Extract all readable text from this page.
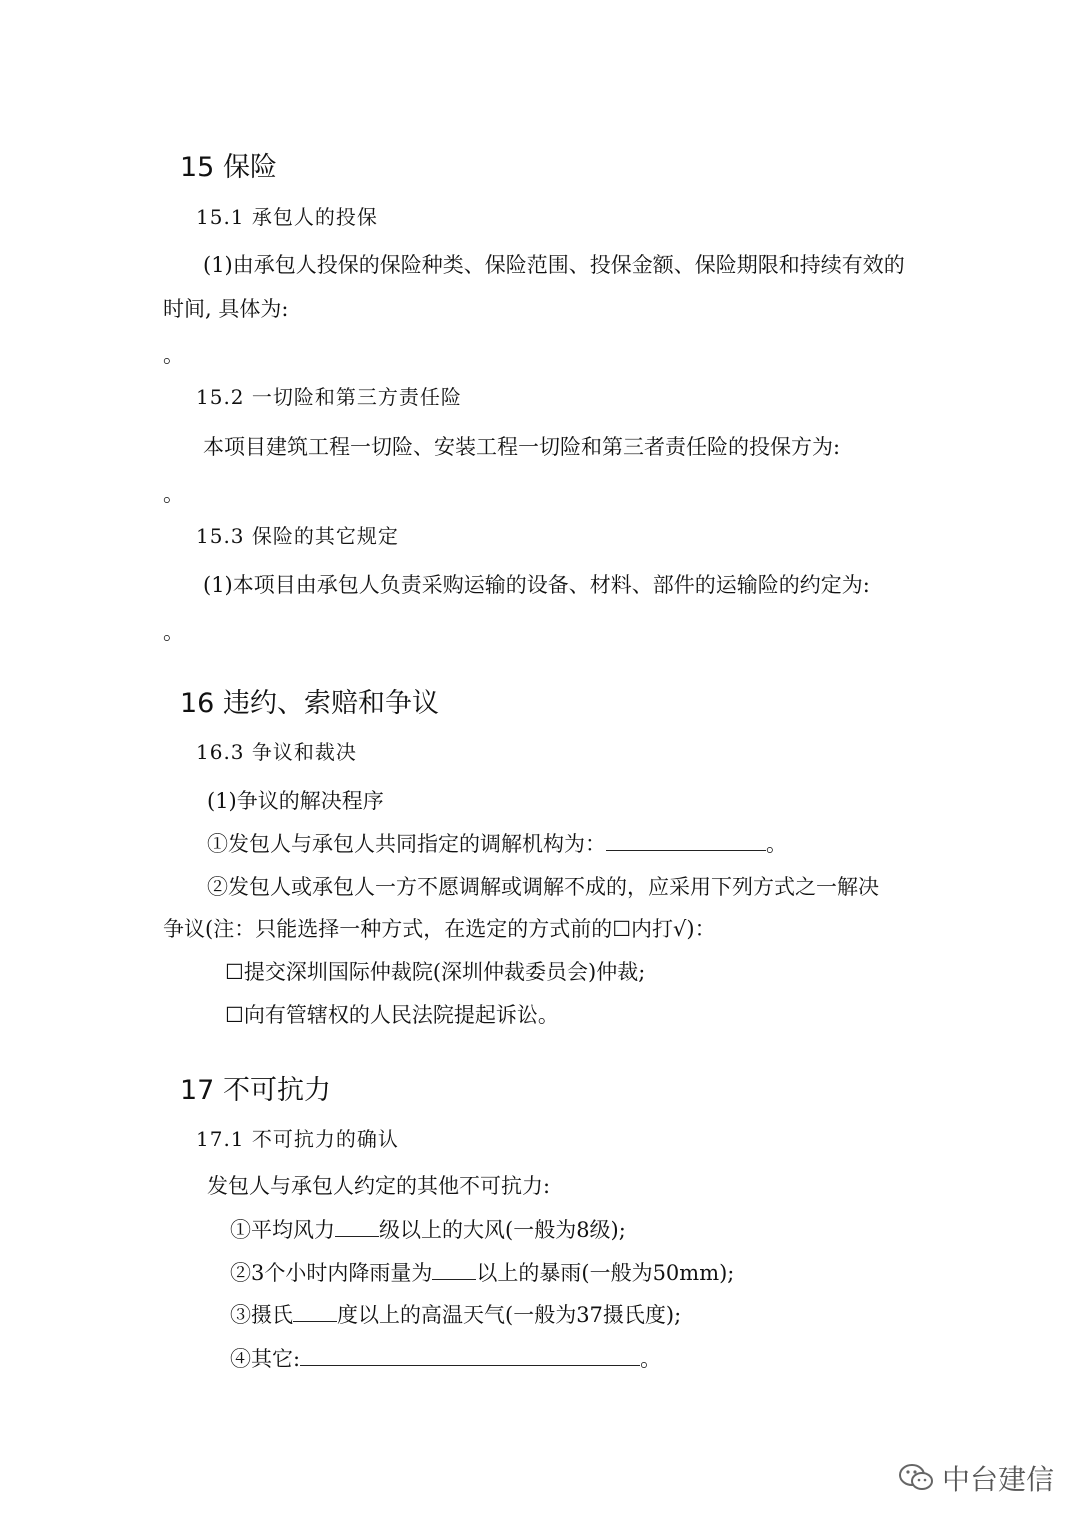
15 保险
15.1 承包人的投保
(1)由承包人投保的保险种类、保险范围、投保金额、保险期限和持续有效的
时间, 具体为:
。
15.2 一切险和第三方责任险
本项目建筑工程一切险、安装工程一切险和第三者责任险的投保方为:
。
15.3 保险的其它规定
(1)本项目由承包人负责采购运输的设备、材料、部件的运输险的约定为:
。
16 违约、索赔和争议
16.3 争议和裁决
(1)争议的解决程序
①发包人与承包人共同指定的调解机构为：	。
②发包人或承包人一方不愿调解或调解不成的，应采用下列方式之一解决
争议(注：只能选择一种方式，在选定的方式前的☐内打√)：
☐提交深圳国际仲裁院(深圳仲裁委员会)仲裁;
☐向有管辖权的人民法院提起诉讼。
17 不可抗力
17.1 不可抗力的确认
发包人与承包人约定的其他不可抗力:
①平均风力 级以上的大风(一般为8级);
②3个小时内降雨量为 以上的暴雨(一般为50mm);
③摄氏 度以上的高温天气(一般为37摄氏度);
④其它:	。
中台建信
